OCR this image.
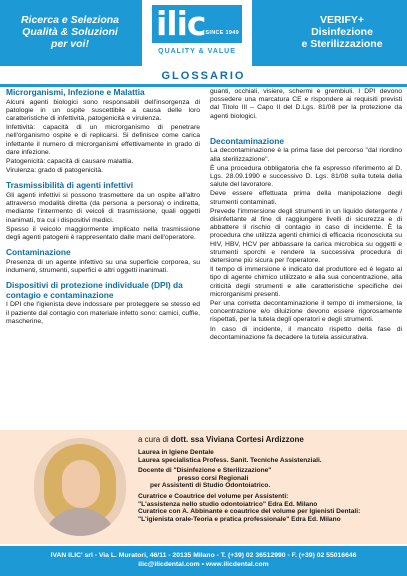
Ricerca e Seleziona
Qualità & Soluzioni
per voi!
ilic SINCE 1949
QUALITY & VALUE
VERIFY+
Disinfezione
e Sterilizzazione
GLOSSARIO
Microrganismi, Infezione e Malattia

Alcuni agenti biologici sono responsabili dell'insorgenza di patologie in un ospite suscettibile a causa delle loro caratteristiche di infettività, patogenicità e virulenza.

Infettività: capacità di un microrganismo di penetrare nell'organismo ospite e di replicarsi. Si definisce come carica infettante il numero di microrganismi effettivamente in grado di dare infezione.

Patogenicità: capacità di causare malattia.

Virulenza: grado di patogenicità.

Trasmissibilità di agenti infettivi

Gli agenti infettivi si possono trasmettere da un ospite all'altro attraverso modalità diretta (da persona a persona) o indiretta, mediante l'intermento di veicoli di trasmissione, quali oggetti inanimati, tra cui i dispositivi medici.

Spesso il veicolo maggiormente implicato nella trasmissione degli agenti patogeni è rappresentato dalle mani dell'operatore.

Contaminazione

Presenza di un agente infettivo su una superficie corporea, su indumenti, strumenti, superfici e altri oggetti inanimati.

Dispositivi di protezione individuale (DPI) da contagio e contaminazione

I DPI che l'igienista deve indossare per proteggere se stesso ed il paziente dal contagio con materiale infetto sono: camici, cuffie, mascherine,

guanti, occhiali, visiere, schermi e grembiuli. I DPI devono possedere una marcatura CE e rispondere ai requisiti previsti dal Titolo III – Capo II del D.Lgs. 81/08 per la protezione da agenti biologici.

Decontaminazione

La decontaminazione è la prima fase del percorso "dal riordino alla sterilizzazione".

È una procedura obbligatoria che fa espresso riferimento al D. Lgs. 28.09.1990 e successivo D. Lgs. 81/08 sulla tutela della salute del lavoratore.

Deve essere effettuata prima della manipolazione degli strumenti contaminati.

Prevede l'immersione degli strumenti in un liquido detergente / disinfettante al fine di raggiungere livelli di sicurezza e di abbattere il rischio di contagio in caso di incidente. È la procedura che utilizza agenti chimici di efficacia riconosciuta su HIV, HBV, HCV per abbassare la carica microbica su oggetti e strumenti sporchi e rendere la successiva procedura di detersione più sicura per l'operatore.

Il tempo di immersione è indicato dal produttore ed è legato al tipo di agente chimico utilizzato e alla sua concentrazione, alla criticità degli strumenti e alle caratteristiche specifiche dei microrganismi presenti.

Per una corretta decontaminazione il tempo di immersione, la concentrazione e/o diluizione devono essere rigorosamente rispettati, per la tutela degli operatori e degli strumenti.

In caso di incidente, il mancato rispetto della fase di decontaminazione fa decadere la tutela assicurativa.

a cura di dott. ssa Viviana Cortesi Ardizzone
Laurea in Igiene Dentale
Laurea specialistica Profess. Sanit. Tecniche Assistenziali.
Docente di "Disinfezione e Sterilizzazione"
presso corsi Regionali
per Assistenti di Studio Odontoiatrico.
Curatrice e Coautrice del volume per Assistenti:
"L'assistenza nello studio odontoiatrico" Edra Ed. Milano
Curatrice con A. Abbinante e coautrice del volume per Igienisti Dentali:
"L'igienista orale-Teoria e pratica professionale" Edra Ed. Milano
IVAN ILIC' srl - Via L. Muratori, 46/11 - 20135 Milano - T. (+39) 02 36512990 - F. (+39) 02 55016646
ilic@ilicdental.com • www.ilicdental.com
